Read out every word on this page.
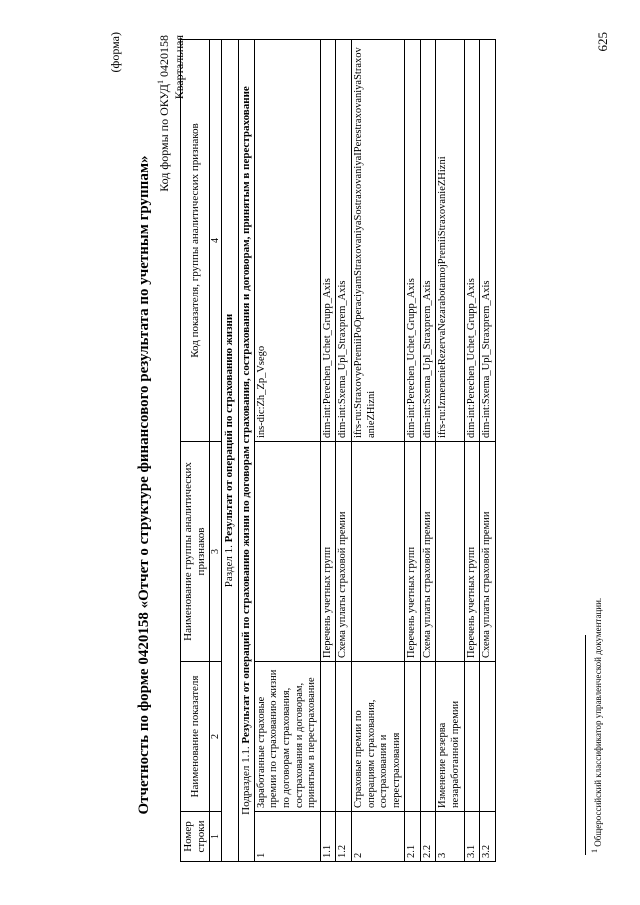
(форма)
Отчетность по форме 0420158 «Отчет о структуре финансового результата по учетным группам»
Код формы по ОКУД$^1$ 0420158 Квартальная
Номер строки	Наименование показателя	Наименование группы аналитических признаков	Код показателя, группы аналитических признаков
1	2	3	4
Раздел 1. Результат от операций по страхованию жизни			
Подраздел 1.1. Результат от операций по страхованию жизни по договорам страхования, сострахования и договорам, принятым в перестрахование			
1	Заработанные страховые премии по страхованию жизни по договорам страхования, сострахования и договорам, принятым в перестрахование		ins-dic:Zh_Zp_Vsego
1.1		Перечень учетных групп	dim-int:Perechen_Uchet_Grupp_Axis
1.2		Схема уплаты страховой премии	dim-int:Sxema_Upl_Straxprem_Axis
2	Страховые премии по операциям страхования, сострахования и перестрахования		ifrs-ru:StraxovyePremiiPoOperaciyamStraxovaniyaSostraxovaniyaIPerestraxovaniyaStraxovanieZHizni
2.1		Перечень учетных групп	dim-int:Perechen_Uchet_Grupp_Axis
2.2		Схема уплаты страховой премии	dim-int:Sxema_Upl_Straxprem_Axis
3	Изменение резерва незаработанной премии		ifrs-ru:IzmenenieRezervaNezarabotannojPremiiStraxovanieZHizni
3.1		Перечень учетных групп	dim-int:Perechen_Uchet_Grupp_Axis
3.2		Схема уплаты страховой премии	dim-int:Sxema_Upl_Straxprem_Axis
$^1$ Общероссийский классификатор управленческой документации.
625
